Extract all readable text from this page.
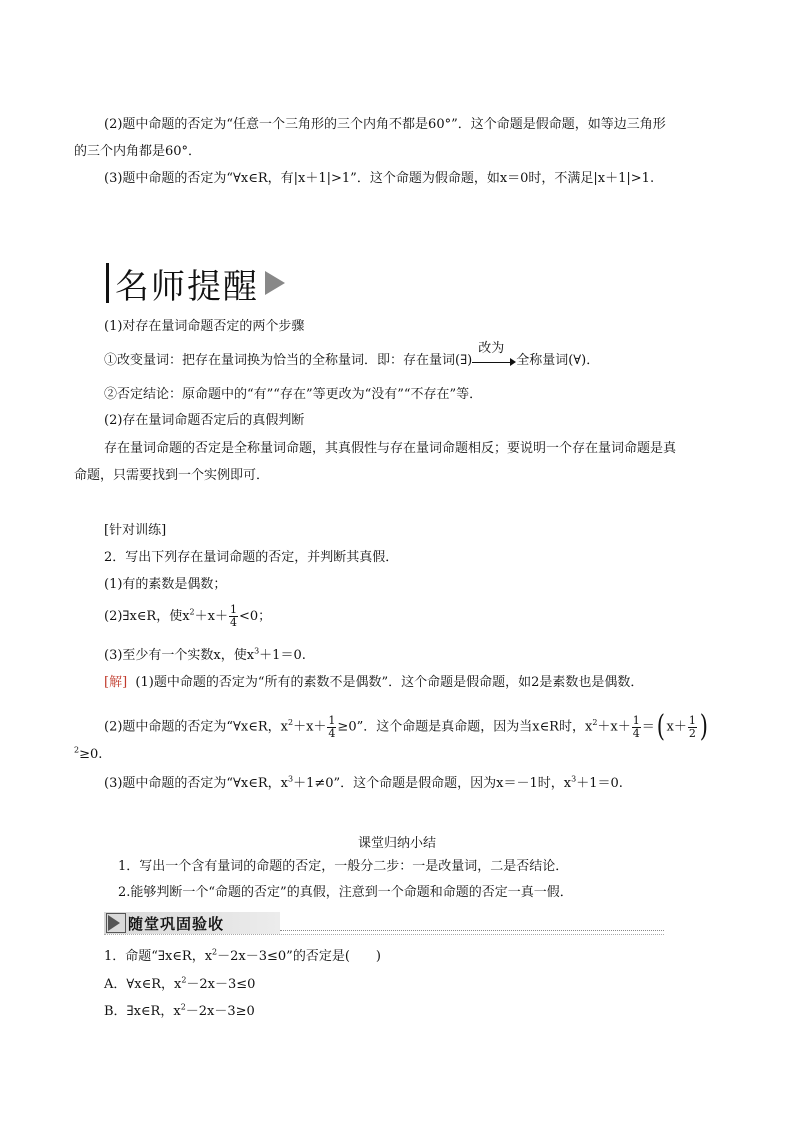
(2)题中命题的否定为“任意一个三角形的三个内角不都是60°”．这个命题是假命题，如等边三角形
的三个内角都是60°．
(3)题中命题的否定为“∀x∈R，有|x＋1|>1”．这个命题为假命题，如x＝0时，不满足|x＋1|>1.
名师提醒
(1)对存在量词命题否定的两个步骤
①改变量词：把存在量词换为恰当的全称量词．即：存在量词(∃)
改为
全称量词(∀)．
②否定结论：原命题中的“有”“存在”等更改为“没有”“不存在”等．
(2)存在量词命题否定后的真假判断
存在量词命题的否定是全称量词命题，其真假性与存在量词命题相反；要说明一个存在量词命题是真
命题，只需要找到一个实例即可．
[针对训练]
2．写出下列存在量词命题的否定，并判断其真假．
(1)有的素数是偶数；
(2)∃x∈R，使$x^2+x+ \frac{1}{4} <0$；
(3)至少有一个实数x，使$x^3+1=0$.
[解] (1)题中命题的否定为“所有的素数不是偶数”．这个命题是假命题，如2是素数也是偶数．
(2)题中命题的否定为“∀x∈R，$x^2+x+ \frac{1}{4} \ge 0$”．这个命题是真命题，因为当x∈R时，$x^2+x+ \frac{1}{4}$ ＝( $x+ \frac{1}{2}$ )
$^2$≥0.
(3)题中命题的否定为“∀x∈R，$x^3+1\ne 0$”．这个命题是假命题，因为x＝－1时，$x^3+1=0$.
课堂归纳小结
1．写出一个含有量词的命题的否定，一般分二步：一是改量词，二是否结论．
2.能够判断一个“命题的否定”的真假，注意到一个命题和命题的否定一真一假．
随堂巩固验收
1．命题“∃x∈R，$x^2-2x-3\le 0$”的否定是(　　)
A．∀x∈R，$x^2-2x-3\le 0$
B．∃x∈R，$x^2-2x-3\ge 0$
